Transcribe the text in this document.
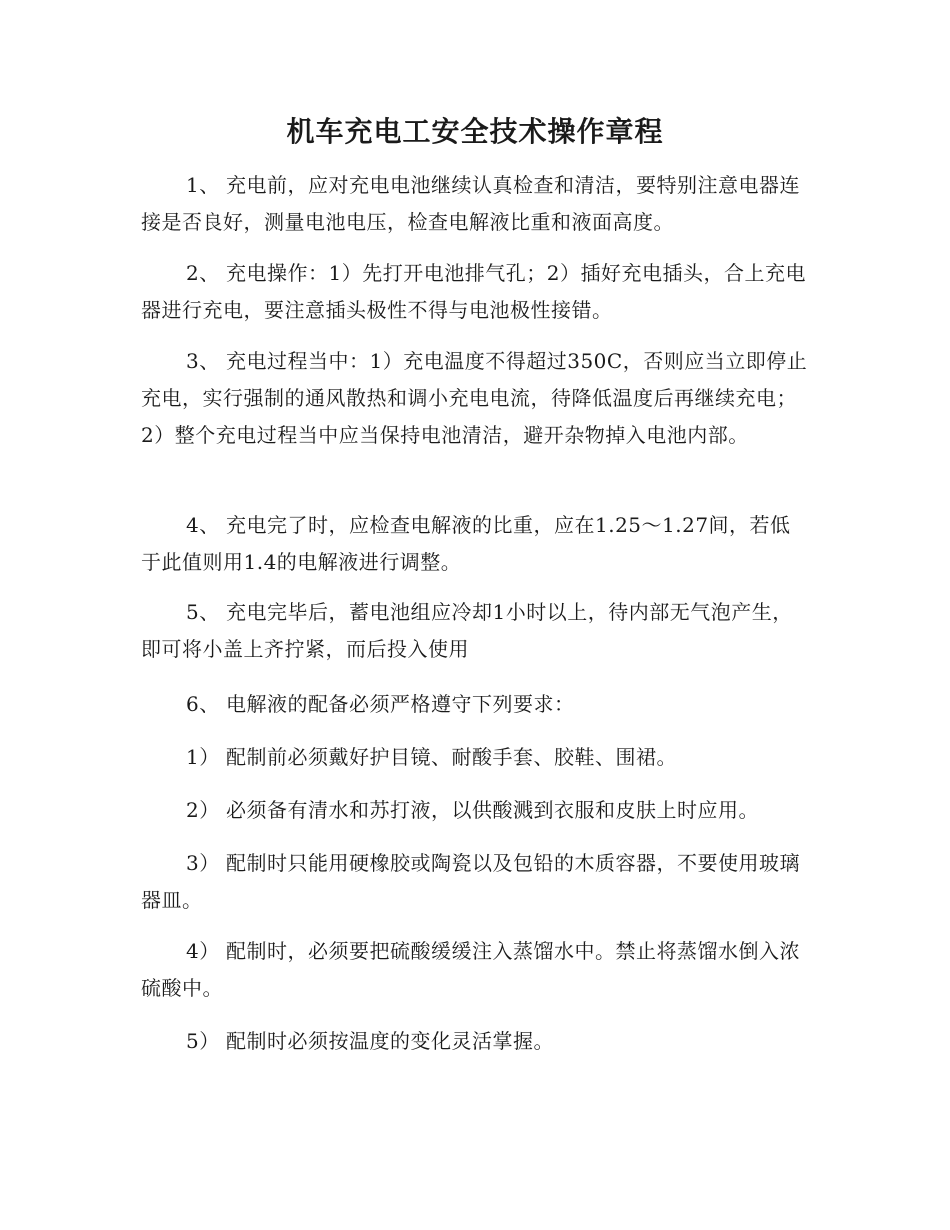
机车充电工安全技术操作章程

1、 充电前，应对充电电池继续认真检查和清洁，要特别注意电器连接是否良好，测量电池电压，检查电解液比重和液面高度。

2、 充电操作：1）先打开电池排气孔；2）插好充电插头，合上充电器进行充电，要注意插头极性不得与电池极性接错。

3、 充电过程当中：1）充电温度不得超过350C，否则应当立即停止充电，实行强制的通风散热和调小充电电流，待降低温度后再继续充电；2）整个充电过程当中应当保持电池清洁，避开杂物掉入电池内部。

4、 充电完了时，应检查电解液的比重，应在1.25～1.27间，若低于此值则用1.4的电解液进行调整。

5、 充电完毕后，蓄电池组应冷却1小时以上，待内部无气泡产生，即可将小盖上齐拧紧，而后投入使用

6、 电解液的配备必须严格遵守下列要求：

1） 配制前必须戴好护目镜、耐酸手套、胶鞋、围裙。

2） 必须备有清水和苏打液，以供酸溅到衣服和皮肤上时应用。

3） 配制时只能用硬橡胶或陶瓷以及包铅的木质容器，不要使用玻璃器皿。

4） 配制时，必须要把硫酸缓缓注入蒸馏水中。禁止将蒸馏水倒入浓硫酸中。

5） 配制时必须按温度的变化灵活掌握。
